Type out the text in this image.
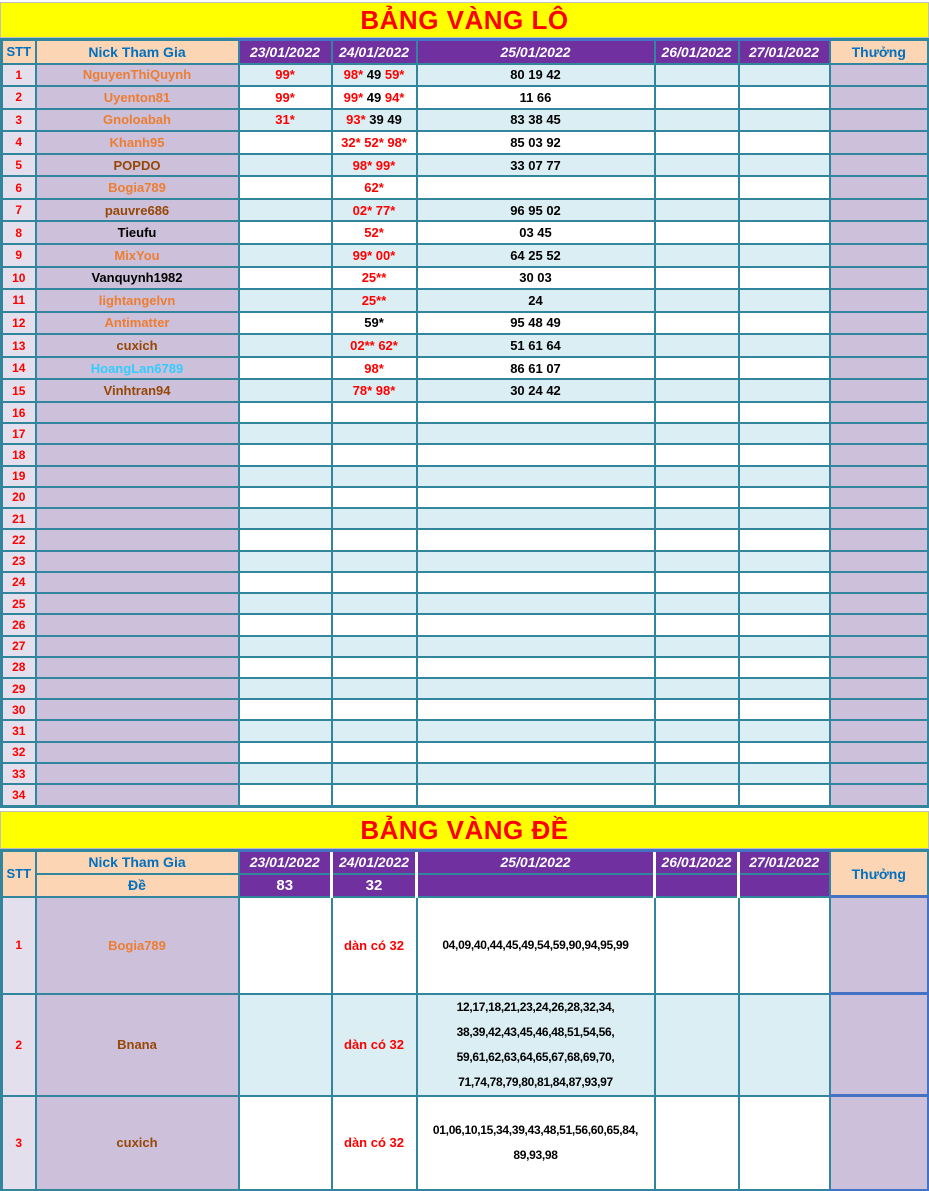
BẢNG VÀNG LÔ
STT	Nick Tham Gia	23/01/2022	24/01/2022	25/01/2022	26/01/2022	27/01/2022	Thưởng
1	NguyenThiQuynh	99*	98* 49 59*	80 19 42			
2	Uyenton81	99*	99* 49 94*	11 66			
3	Gnoloabah	31*	93* 39 49	83 38 45			
4	Khanh95		32* 52* 98*	85 03 92			
5	POPDO		98* 99*	33 07 77			
6	Bogia789		62*				
7	pauvre686		02* 77*	96 95 02			
8	Tieufu		52*	03 45			
9	MixYou		99* 00*	64 25 52			
10	Vanquynh1982		25**	30 03			
11	lightangelvn		25**	24			
12	Antimatter		59*	95 48 49			
13	cuxich		02** 62*	51 61 64			
14	HoangLan6789		98*	86 61 07			
15	Vinhtran94		78* 98*	30 24 42			
16							
17							
18							
19							
20							
21							
22							
23							
24							
25							
26							
27							
28							
29							
30							
31							
32							
33							
34							
BẢNG VÀNG ĐỀ
STT	Nick Tham Gia	23/01/2022	24/01/2022	25/01/2022	26/01/2022	27/01/2022	Thưởng
	Đề	83	32				
1	Bogia789		dàn có 32	04,09,40,44,45,49,54,59,90,94,95,99			

2	Bnana		dàn có 32	12,17,18,21,23,24,26,28,32,34,
38,39,42,43,45,46,48,51,54,56,
59,61,62,63,64,65,67,68,69,70,
71,74,78,79,80,81,84,87,93,97			

3	cuxich		dàn có 32	01,06,10,15,34,39,43,48,51,56,60,65,84,
89,93,98			
